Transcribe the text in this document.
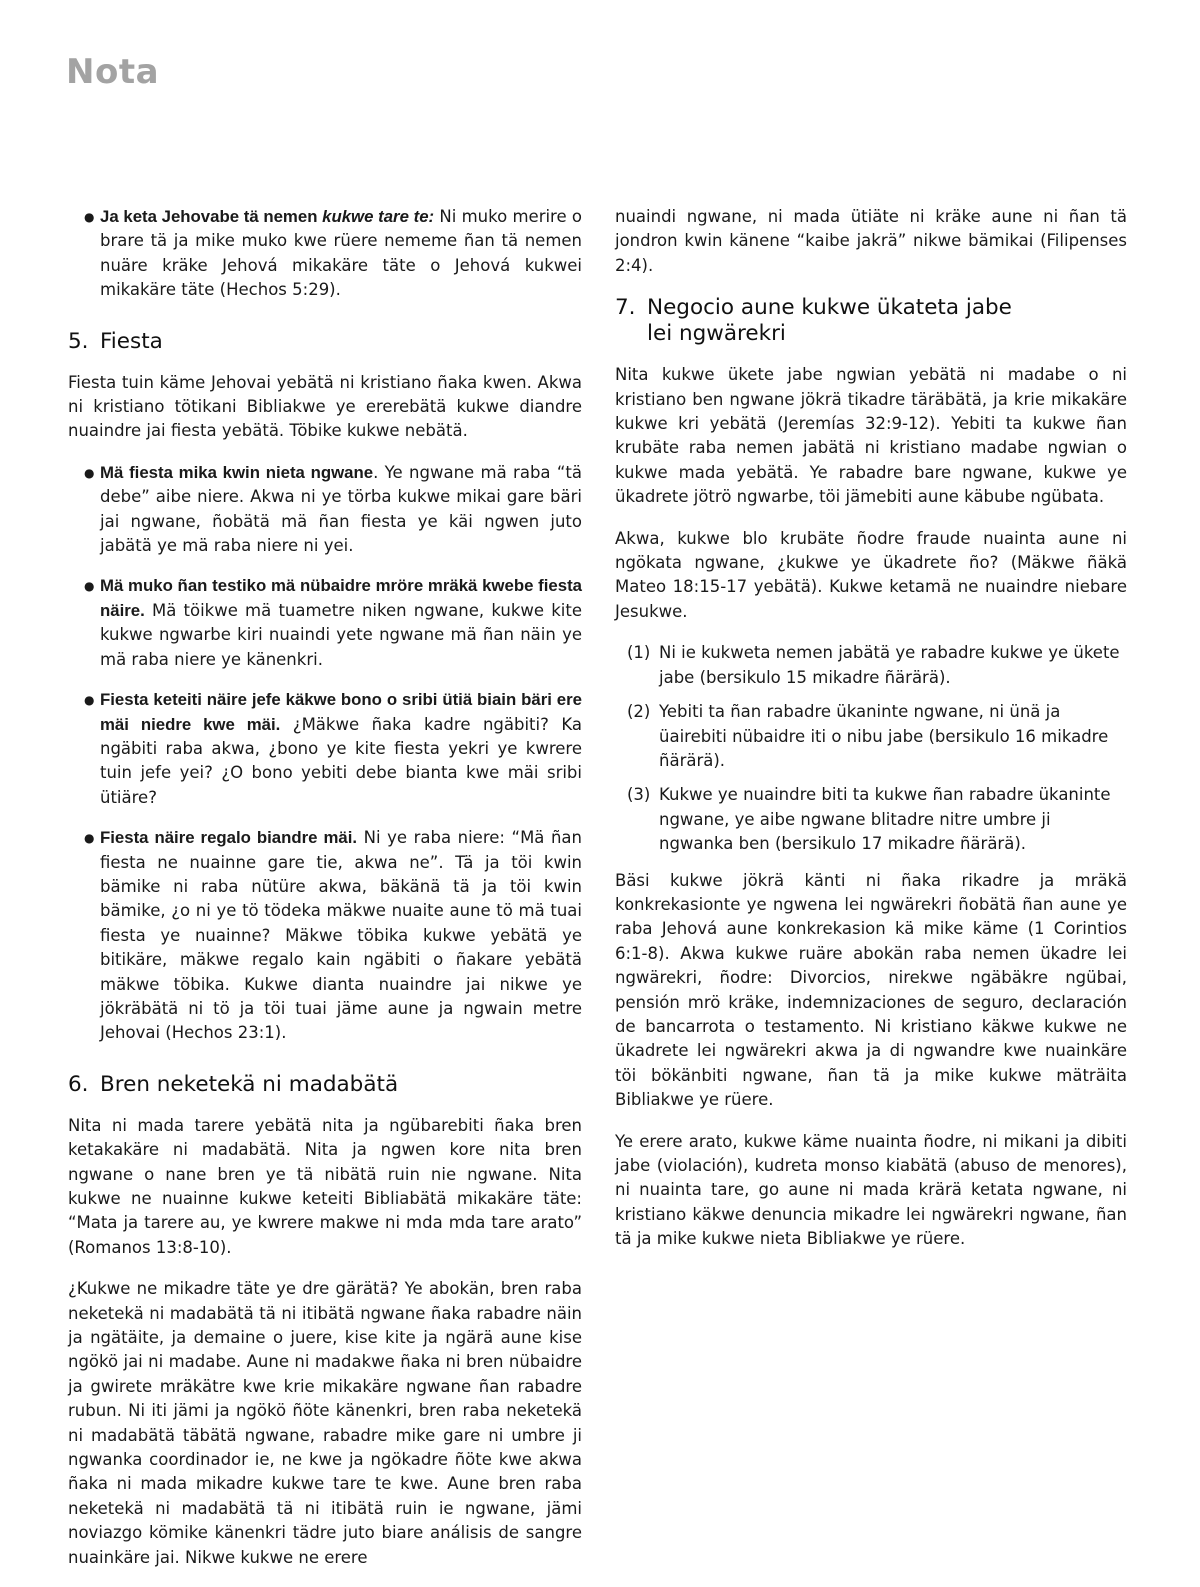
Nota
● Ja keta Jehovabe tä nemen kukwe tare te: Ni muko merire o brare tä ja mike muko kwe rüere nememe ñan tä nemen nuäre kräke Jehová mikakäre täte o Jehová kukwei mikakäre täte (Hechos 5:29).
5. Fiesta

Fiesta tuin käme Jehovai yebätä ni kristiano ñaka kwen. Akwa ni kristiano tötikani Bibliakwe ye ererebätä kukwe diandre nuaindre jai fiesta yebätä. Töbike kukwe nebätä.

● Mä fiesta mika kwin nieta ngwane. Ye ngwane mä raba “tä debe” aibe niere. Akwa ni ye törba kukwe mikai gare bäri jai ngwane, ñobätä mä ñan fiesta ye käi ngwen juto jabätä ye mä raba niere ni yei.
● Mä muko ñan testiko mä nübaidre mröre mräkä kwebe fiesta näire. Mä töikwe mä tuametre niken ngwane, kukwe kite kukwe ngwarbe kiri nuaindi yete ngwane mä ñan näin ye mä raba niere ye känenkri.
● Fiesta keteiti näire jefe käkwe bono o sribi ütiä biain bäri ere mäi niedre kwe mäi. ¿Mäkwe ñaka kadre ngäbiti? Ka ngäbiti raba akwa, ¿bono ye kite fiesta yekri ye kwrere tuin jefe yei? ¿O bono yebiti debe bianta kwe mäi sribi ütiäre?
● Fiesta näire regalo biandre mäi. Ni ye raba niere: “Mä ñan fiesta ne nuainne gare tie, akwa ne”. Tä ja töi kwin bämike ni raba nütüre akwa, bäkänä tä ja töi kwin bämike, ¿o ni ye tö tödeka mäkwe nuaite aune tö mä tuai fiesta ye nuainne? Mäkwe töbika kukwe yebätä ye bitikäre, mäkwe regalo kain ngäbiti o ñakare yebätä mäkwe töbika. Kukwe dianta nuaindre jai nikwe ye jökräbätä ni tö ja töi tuai jäme aune ja ngwain metre Jehovai (Hechos 23:1).
6. Bren neketekä ni madabätä

Nita ni mada tarere yebätä nita ja ngübarebiti ñaka bren ketakakäre ni madabätä. Nita ja ngwen kore nita bren ngwane o nane bren ye tä nibätä ruin nie ngwane. Nita kukwe ne nuainne kukwe keteiti Bibliabätä mikakäre täte: “Mata ja tarere au, ye kwrere makwe ni mda mda tare arato” (Romanos 13:8-10).

¿Kukwe ne mikadre täte ye dre gärätä? Ye abokän, bren raba neketekä ni madabätä tä ni itibätä ngwane ñaka rabadre näin ja ngätäite, ja demaine o juere, kise kite ja ngärä aune kise ngökö jai ni madabe. Aune ni madakwe ñaka ni bren nübaidre ja gwirete mräkätre kwe krie mikakäre ngwane ñan rabadre rubun. Ni iti jämi ja ngökö ñöte känenkri, bren raba neketekä ni madabätä täbätä ngwane, rabadre mike gare ni umbre ji ngwanka coordinador ie, ne kwe ja ngökadre ñöte kwe akwa ñaka ni mada mikadre kukwe tare te kwe. Aune bren raba neketekä ni madabätä tä ni itibätä ruin ie ngwane, jämi noviazgo kömike känenkri tädre juto biare análisis de sangre nuainkäre jai. Nikwe kukwe ne erere

nuaindi ngwane, ni mada ütiäte ni kräke aune ni ñan tä jondron kwin känene “kaibe jakrä” nikwe bämikai (Filipenses 2:4).

7. Negocio aune kukwe ükateta jabe
lei ngwärekri

Nita kukwe ükete jabe ngwian yebätä ni madabe o ni kristiano ben ngwane jökrä tikadre täräbätä, ja krie mikakäre kukwe kri yebätä (Jeremías 32:9-12). Yebiti ta kukwe ñan krubäte raba nemen jabätä ni kristiano madabe ngwian o kukwe mada yebätä. Ye rabadre bare ngwane, kukwe ye ükadrete jötrö ngwarbe, töi jämebiti aune käbube ngübata.

Akwa, kukwe blo krubäte ñodre fraude nuainta aune ni ngökata ngwane, ¿kukwe ye ükadrete ño? (Mäkwe ñäkä Mateo 18:15-17 yebätä). Kukwe ketamä ne nuaindre niebare Jesukwe.

(1) Ni ie kukweta nemen jabätä ye rabadre kukwe ye ükete jabe (bersikulo 15 mikadre ñärärä).
(2) Yebiti ta ñan rabadre ükaninte ngwane, ni ünä ja üairebiti nübaidre iti o nibu jabe (bersikulo 16 mikadre ñärärä).
(3) Kukwe ye nuaindre biti ta kukwe ñan rabadre ükaninte ngwane, ye aibe ngwane blitadre nitre umbre ji ngwanka ben (bersikulo 17 mikadre ñärärä).

Bäsi kukwe jökrä känti ni ñaka rikadre ja mräkä konkrekasionte ye ngwena lei ngwärekri ñobätä ñan aune ye raba Jehová aune konkrekasion kä mike käme (1 Corintios 6:1-8). Akwa kukwe ruäre abokän raba nemen ükadre lei ngwärekri, ñodre: Divorcios, nirekwe ngäbäkre ngübai, pensión mrö kräke, indemnizaciones de seguro, declaración de bancarrota o testamento. Ni kristiano käkwe kukwe ne ükadrete lei ngwärekri akwa ja di ngwandre kwe nuainkäre töi bökänbiti ngwane, ñan tä ja mike kukwe mäträita Bibliakwe ye rüere.

Ye erere arato, kukwe käme nuainta ñodre, ni mikani ja dibiti jabe (violación), kudreta monso kiabätä (abuso de menores), ni nuainta tare, go aune ni mada krärä ketata ngwane, ni kristiano käkwe denuncia mikadre lei ngwärekri ngwane, ñan tä ja mike kukwe nieta Bibliakwe ye rüere.
